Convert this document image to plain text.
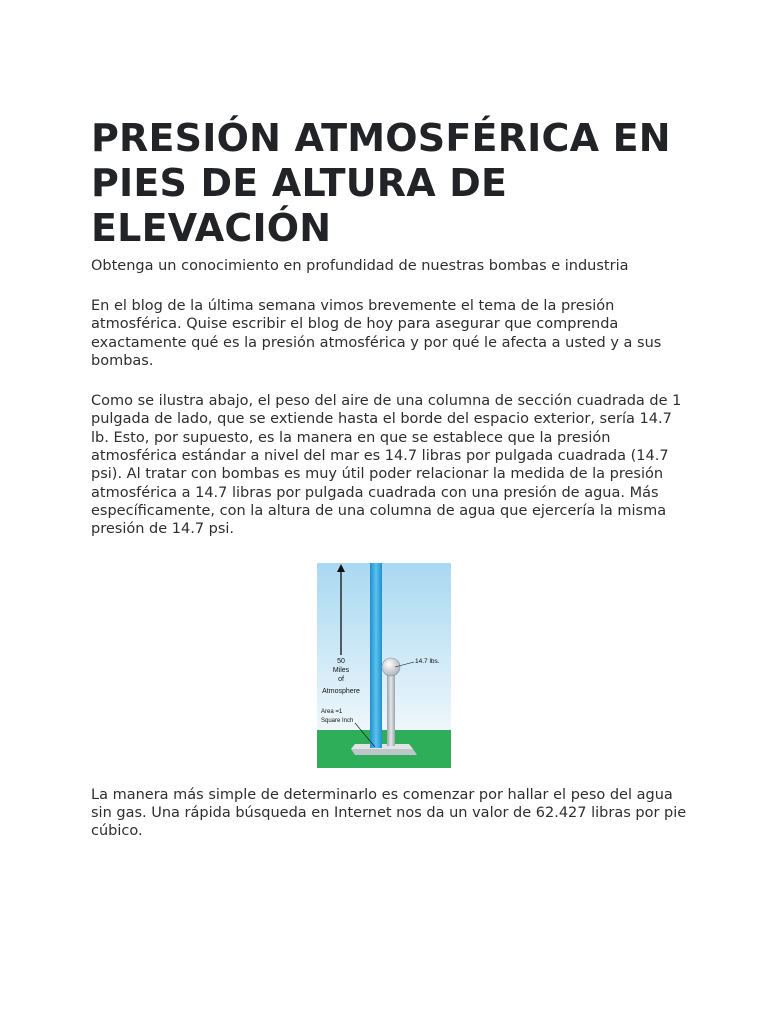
PRESIÓN ATMOSFÉRICA EN PIES DE ALTURA DE ELEVACIÓN

Obtenga un conocimiento en profundidad de nuestras bombas e industria

En el blog de la última semana vimos brevemente el tema de la presión atmosférica. Quise escribir el blog de hoy para asegurar que comprenda exactamente qué es la presión atmosférica y por qué le afecta a usted y a sus bombas.

Como se ilustra abajo, el peso del aire de una columna de sección cuadrada de 1 pulgada de lado, que se extiende hasta el borde del espacio exterior, sería 14.7 lb. Esto, por supuesto, es la manera en que se establece que la presión atmosférica estándar a nivel del mar es 14.7 libras por pulgada cuadrada (14.7 psi). Al tratar con bombas es muy útil poder relacionar la medida de la presión atmosférica a 14.7 libras por pulgada cuadrada con una presión de agua. Más específicamente, con la altura de una columna de agua que ejercería la misma presión de 14.7 psi.

50
Miles
of
Atmosphere
14.7 lbs.
Area =1
Square Inch

La manera más simple de determinarlo es comenzar por hallar el peso del agua sin gas. Una rápida búsqueda en Internet nos da un valor de 62.427 libras por pie cúbico.
